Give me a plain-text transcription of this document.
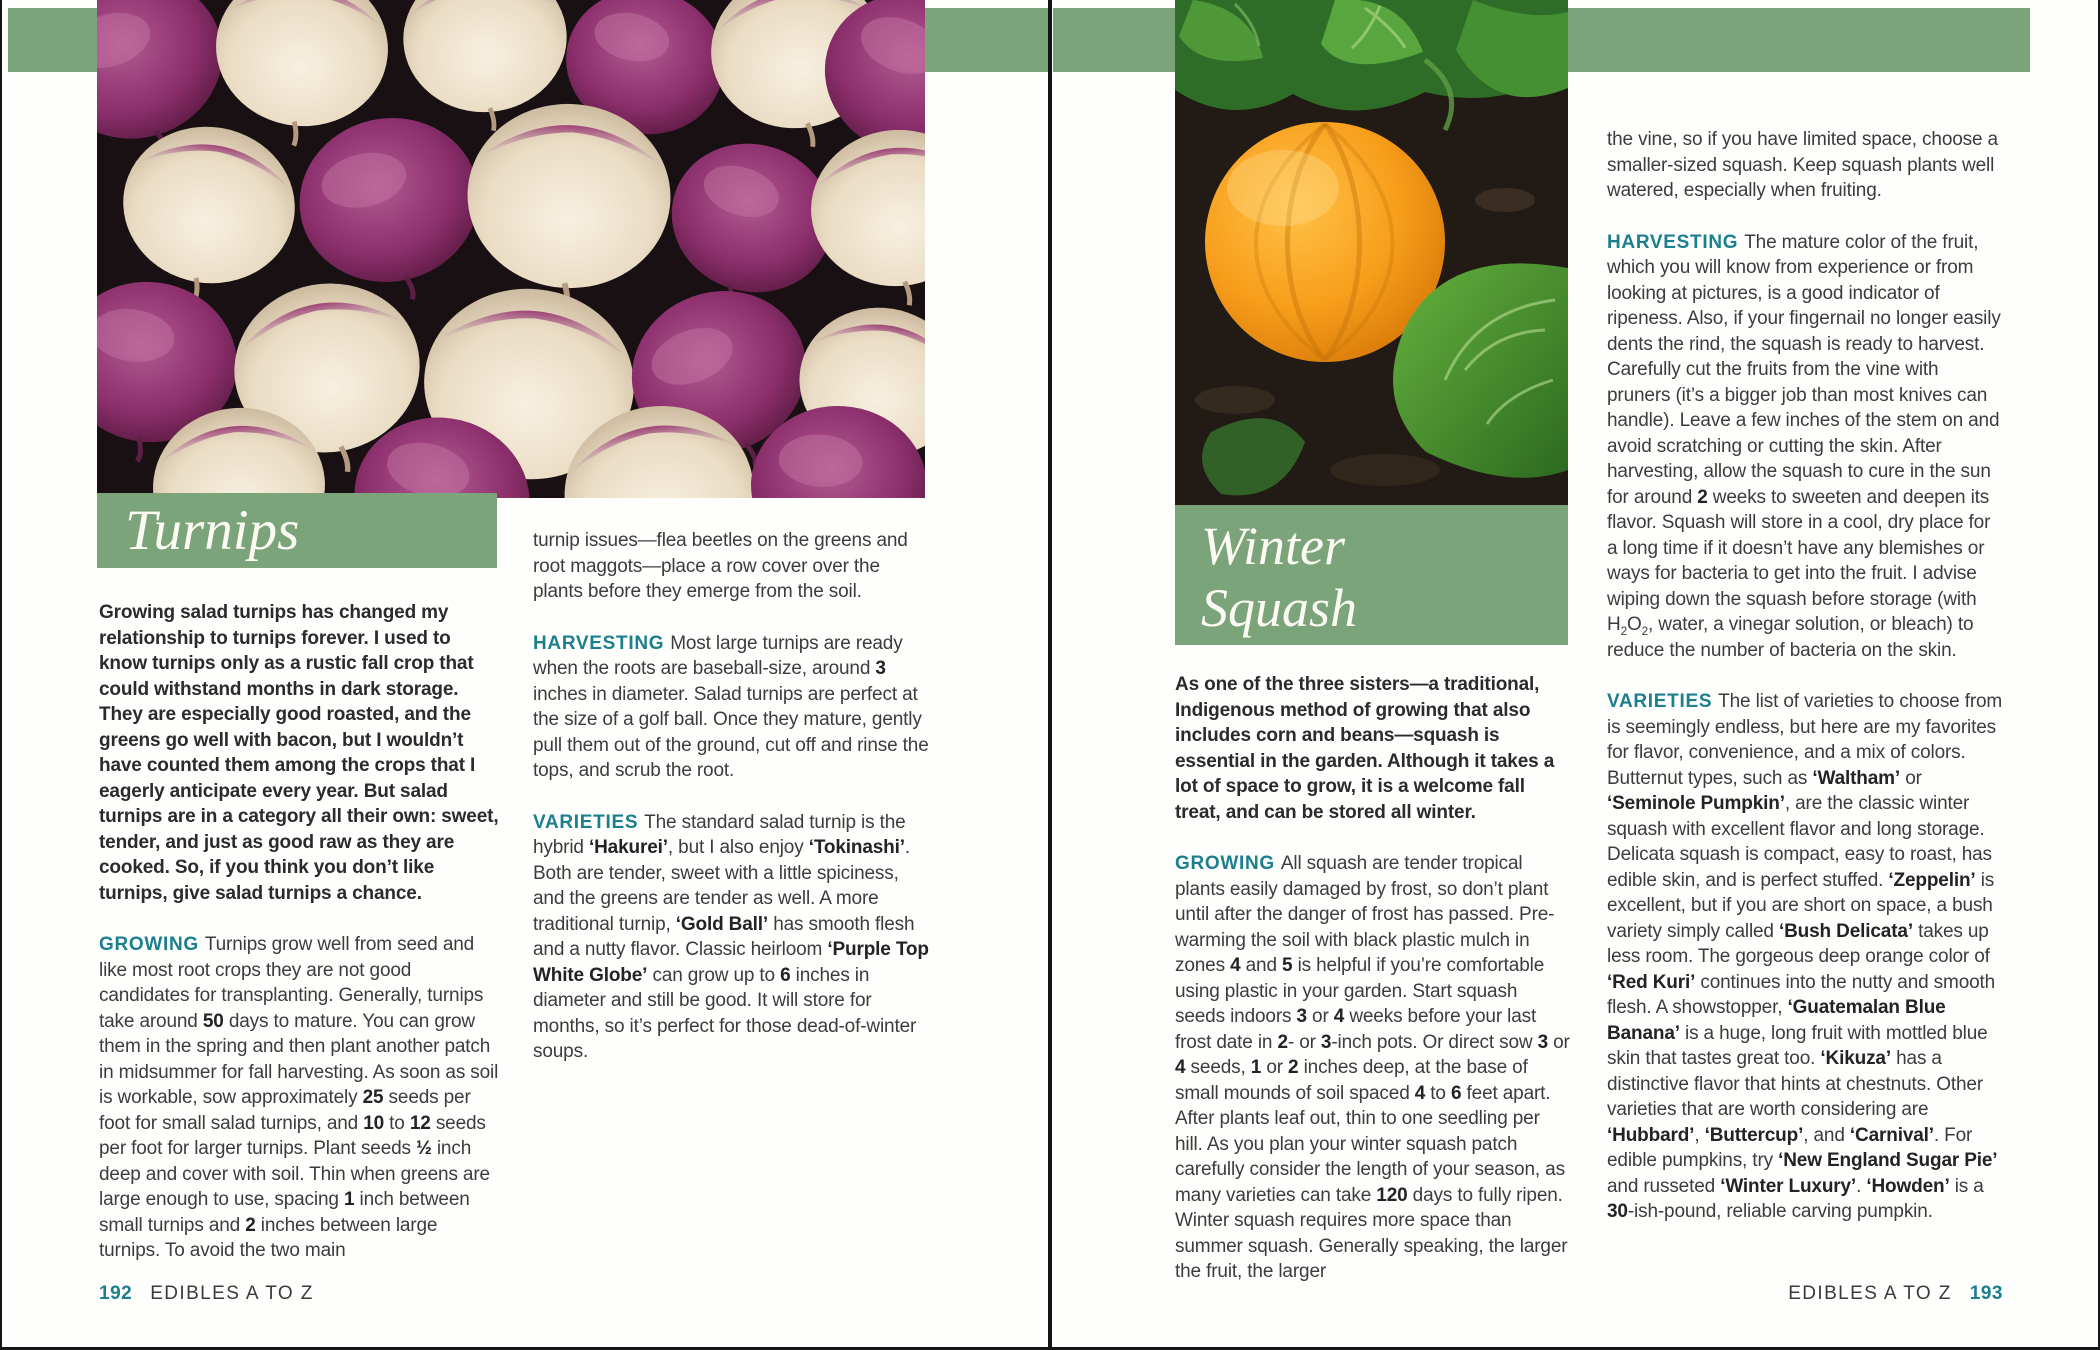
Turnips

Growing salad turnips has changed my relationship to turnips forever. I used to know turnips only as a rustic fall crop that could withstand months in dark storage. They are especially good roasted, and the greens go well with bacon, but I wouldn’t have counted them among the crops that I eagerly anticipate every year. But salad turnips are in a category all their own: sweet, tender, and just as good raw as they are cooked. So, if you think you don’t like turnips, give salad turnips a chance.

GROWING Turnips grow well from seed and like most root crops they are not good candidates for transplanting. Generally, turnips take around 50 days to mature. You can grow them in the spring and then plant another patch in midsummer for fall harvesting. As soon as soil is workable, sow approximately 25 seeds per foot for small salad turnips, and 10 to 12 seeds per foot for larger turnips. Plant seeds ½ inch deep and cover with soil. Thin when greens are large enough to use, spacing 1 inch between small turnips and 2 inches between large turnips. To avoid the two main

turnip issues—flea beetles on the greens and root maggots—place a row cover over the plants before they emerge from the soil.

HARVESTING Most large turnips are ready when the roots are baseball-size, around 3 inches in diameter. Salad turnips are perfect at the size of a golf ball. Once they mature, gently pull them out of the ground, cut off and rinse the tops, and scrub the root.

VARIETIES The standard salad turnip is the hybrid ‘Hakurei’, but I also enjoy ‘Tokinashi’. Both are tender, sweet with a little spiciness, and the greens are tender as well. A more traditional turnip, ‘Gold Ball’ has smooth flesh and a nutty flavor. Classic heirloom ‘Purple Top White Globe’ can grow up to 6 inches in diameter and still be good. It will store for months, so it’s perfect for those dead-of-winter soups.

192 EDIBLES A TO Z
Winter
Squash

As one of the three sisters—a traditional, Indigenous method of growing that also includes corn and beans—squash is essential in the garden. Although it takes a lot of space to grow, it is a welcome fall treat, and can be stored all winter.

GROWING All squash are tender tropical plants easily damaged by frost, so don’t plant until after the danger of frost has passed. Pre-warming the soil with black plastic mulch in zones 4 and 5 is helpful if you’re comfortable using plastic in your garden. Start squash seeds indoors 3 or 4 weeks before your last frost date in 2- or 3-inch pots. Or direct sow 3 or 4 seeds, 1 or 2 inches deep, at the base of small mounds of soil spaced 4 to 6 feet apart. After plants leaf out, thin to one seedling per hill. As you plan your winter squash patch carefully consider the length of your season, as many varieties can take 120 days to fully ripen. Winter squash requires more space than summer squash. Generally speaking, the larger the fruit, the larger

the vine, so if you have limited space, choose a smaller-sized squash. Keep squash plants well watered, especially when fruiting.

HARVESTING The mature color of the fruit, which you will know from experience or from looking at pictures, is a good indicator of ripeness. Also, if your fingernail no longer easily dents the rind, the squash is ready to harvest. Carefully cut the fruits from the vine with pruners (it’s a bigger job than most knives can handle). Leave a few inches of the stem on and avoid scratching or cutting the skin. After harvesting, allow the squash to cure in the sun for around 2 weeks to sweeten and deepen its flavor. Squash will store in a cool, dry place for a long time if it doesn’t have any blemishes or ways for bacteria to get into the fruit. I advise wiping down the squash before storage (with $H_2O_2$, water, a vinegar solution, or bleach) to reduce the number of bacteria on the skin.

VARIETIES The list of varieties to choose from is seemingly endless, but here are my favorites for flavor, convenience, and a mix of colors. Butternut types, such as ‘Waltham’ or ‘Seminole Pumpkin’, are the classic winter squash with excellent flavor and long storage. Delicata squash is compact, easy to roast, has edible skin, and is perfect stuffed. ‘Zeppelin’ is excellent, but if you are short on space, a bush variety simply called ‘Bush Delicata’ takes up less room. The gorgeous deep orange color of ‘Red Kuri’ continues into the nutty and smooth flesh. A showstopper, ‘Guatemalan Blue Banana’ is a huge, long fruit with mottled blue skin that tastes great too. ‘Kikuza’ has a distinctive flavor that hints at chestnuts. Other varieties that are worth considering are ‘Hubbard’, ‘Buttercup’, and ‘Carnival’. For edible pumpkins, try ‘New England Sugar Pie’ and russeted ‘Winter Luxury’. ‘Howden’ is a 30-ish-pound, reliable carving pumpkin.

EDIBLES A TO Z 193
